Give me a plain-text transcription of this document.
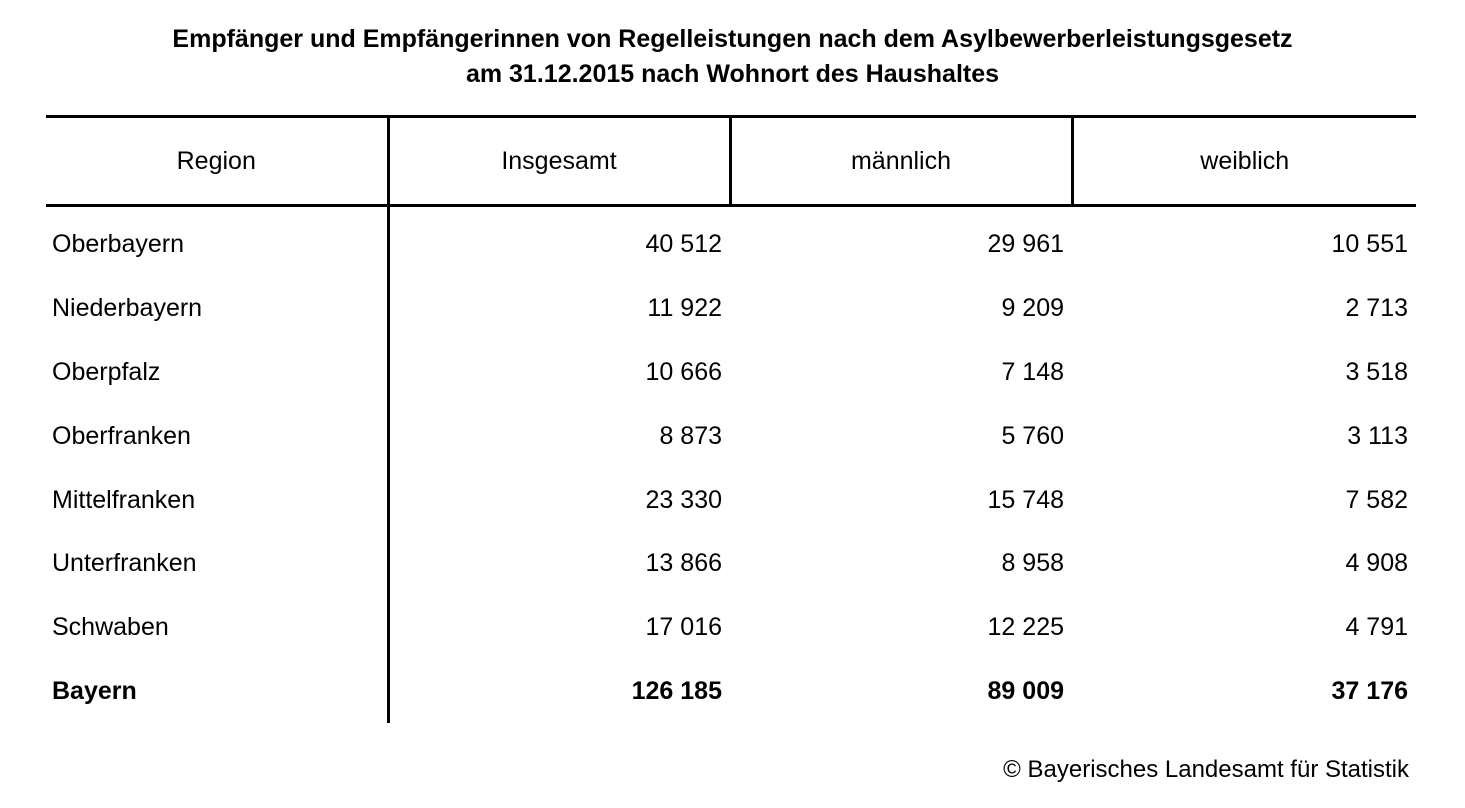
Empfänger und Empfängerinnen von Regelleistungen nach dem Asylbewerberleistungsgesetz
am 31.12.2015 nach Wohnort des Haushaltes
Region	Insgesamt	männlich	weiblich
Oberbayern	40 512	29 961	10 551
Niederbayern	11 922	9 209	2 713
Oberpfalz	10 666	7 148	3 518
Oberfranken	8 873	5 760	3 113
Mittelfranken	23 330	15 748	7 582
Unterfranken	13 866	8 958	4 908
Schwaben	17 016	12 225	4 791
Bayern	126 185	89 009	37 176
© Bayerisches Landesamt für Statistik
